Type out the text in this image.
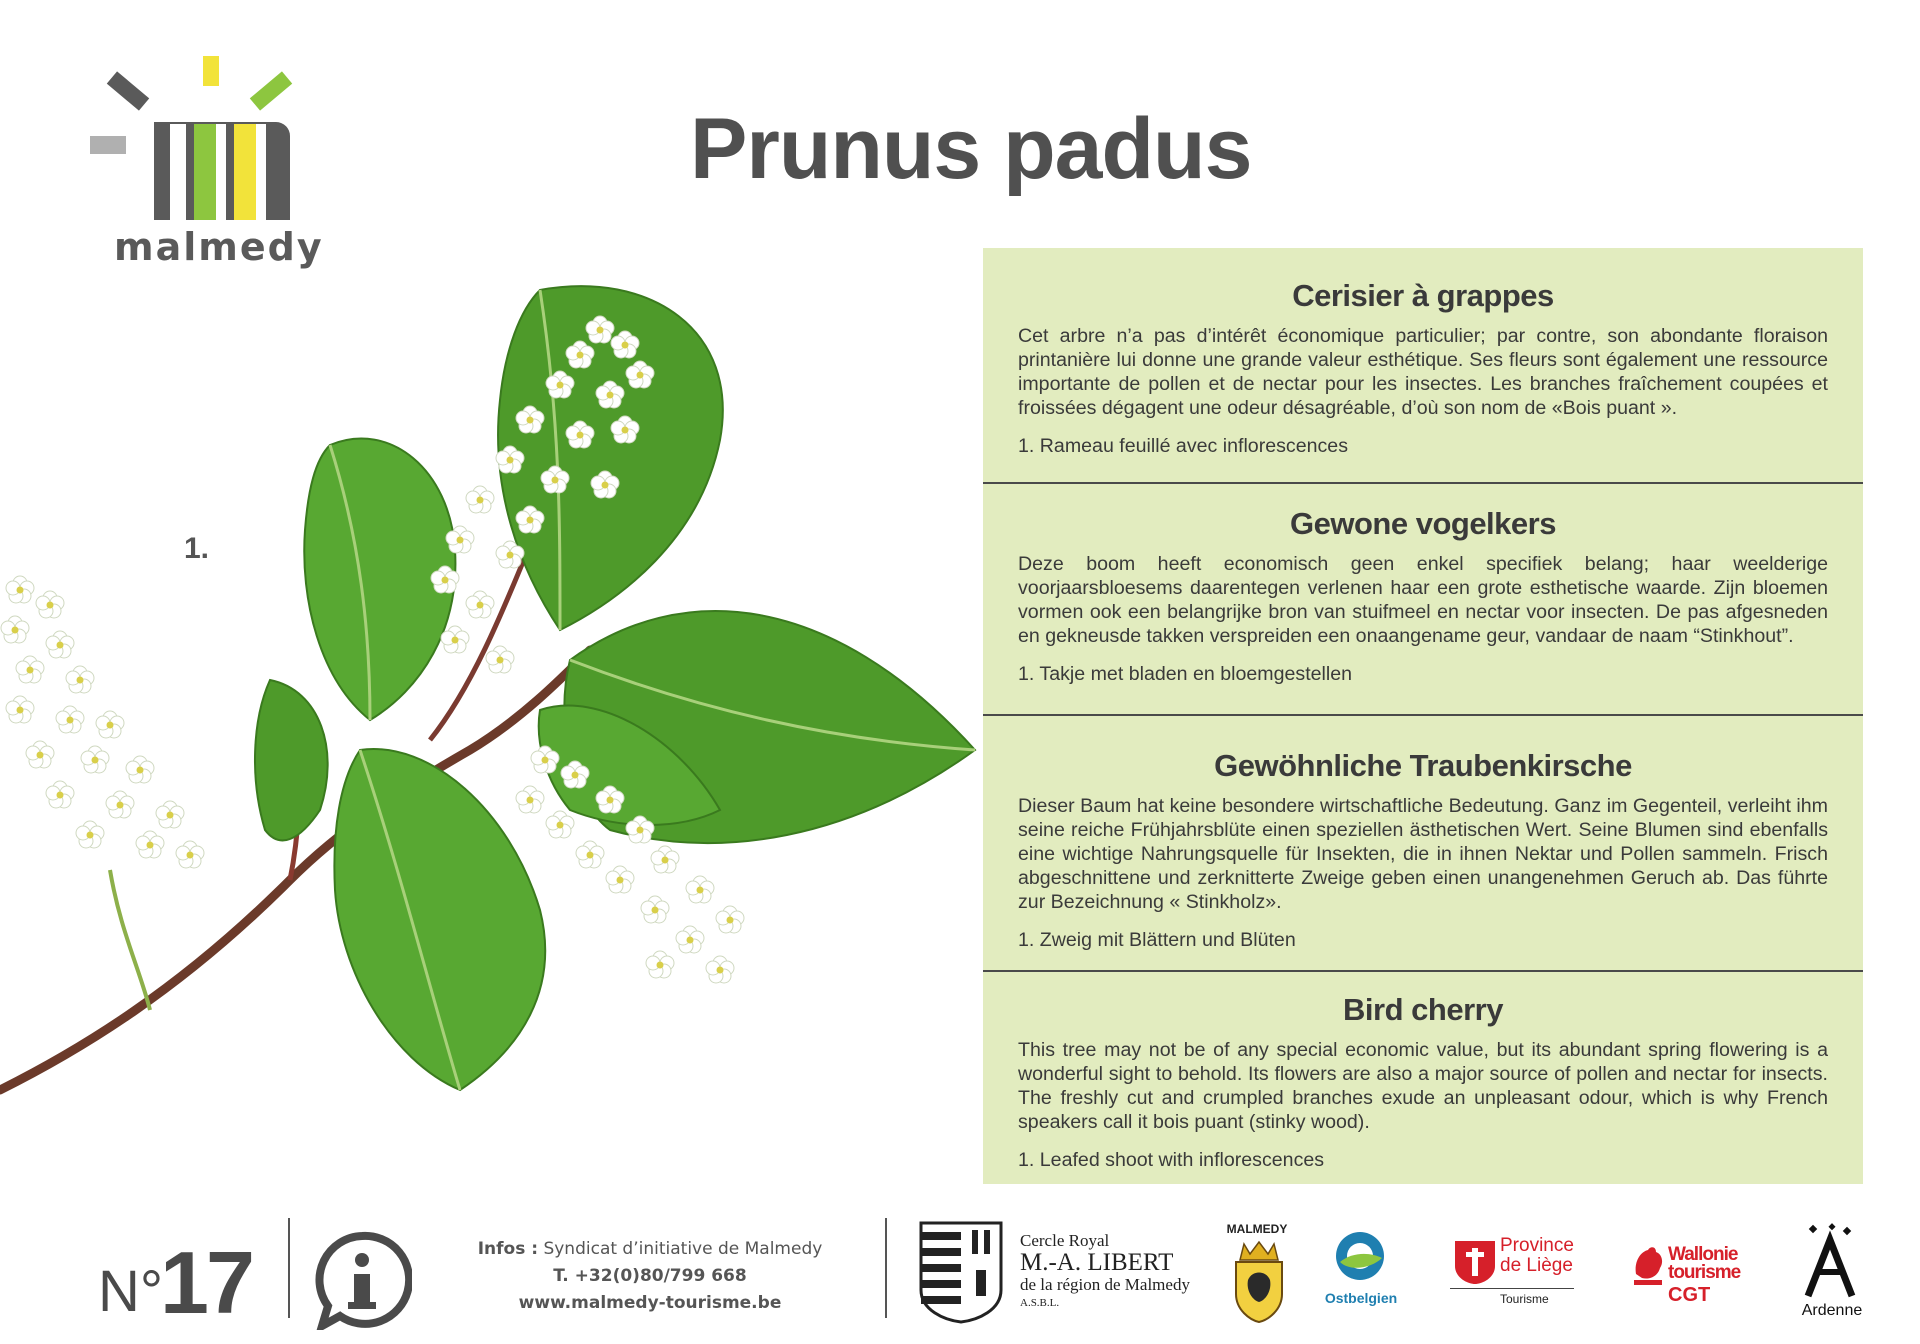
malmedy
Prunus padus
1.
Cerisier à grappes

Cet arbre n’a pas d’intérêt économique particulier; par contre, son abondante floraison printanière lui donne une grande valeur esthétique. Ses fleurs sont également une ressource importante de pollen et de nectar pour les insectes. Les branches fraîchement coupées et froissées dégagent une odeur désagréable, d’où son nom de «Bois puant ».

1. Rameau feuillé avec inflorescences

Gewone vogelkers

Deze boom heeft economisch geen enkel specifiek belang; haar weelderige voorjaarsbloesems daarentegen verlenen haar een grote esthetische waarde. Zijn bloemen vormen ook een belangrijke bron van stuifmeel en nectar voor insecten. De pas afgesneden en gekneusde takken verspreiden een onaangename geur, vandaar de naam “Stinkhout”.

1. Takje met bladen en bloemgestellen

Gewöhnliche Traubenkirsche

Dieser Baum hat keine besondere wirtschaftliche Bedeutung. Ganz im Gegenteil, verleiht ihm seine reiche Frühjahrsblüte einen speziellen ästhetischen Wert. Seine Blumen sind ebenfalls eine wichtige Nahrungsquelle für Insekten, die in ihnen Nektar und Pollen sammeln. Frisch abgeschnittene und zerknitterte Zweige geben einen unangenehmen Geruch ab. Das führte zur Bezeichnung « Stinkholz».

1. Zweig mit Blättern und Blüten

Bird cherry

This tree may not be of any special economic value, but its abundant spring flowering is a wonderful sight to behold. Its flowers are also a major source of pollen and nectar for insects. The freshly cut and crumpled branches exude an unpleasant odour, which is why French speakers call it bois puant (stinky wood).

1. Leafed shoot with inflorescences

N°
17	Infos : Syndicat d’initiative de Malmedy
T. +32(0)80/799 668
www.malmedy-tourisme.be
Cercle Royal
M.-A. LIBERT
de la région de Malmedy
A.S.B.L.
MALMEDY
Ostbelgien
Province
de Liège
Tourisme
Wallonie
tourisme
CGT
Ardenne
